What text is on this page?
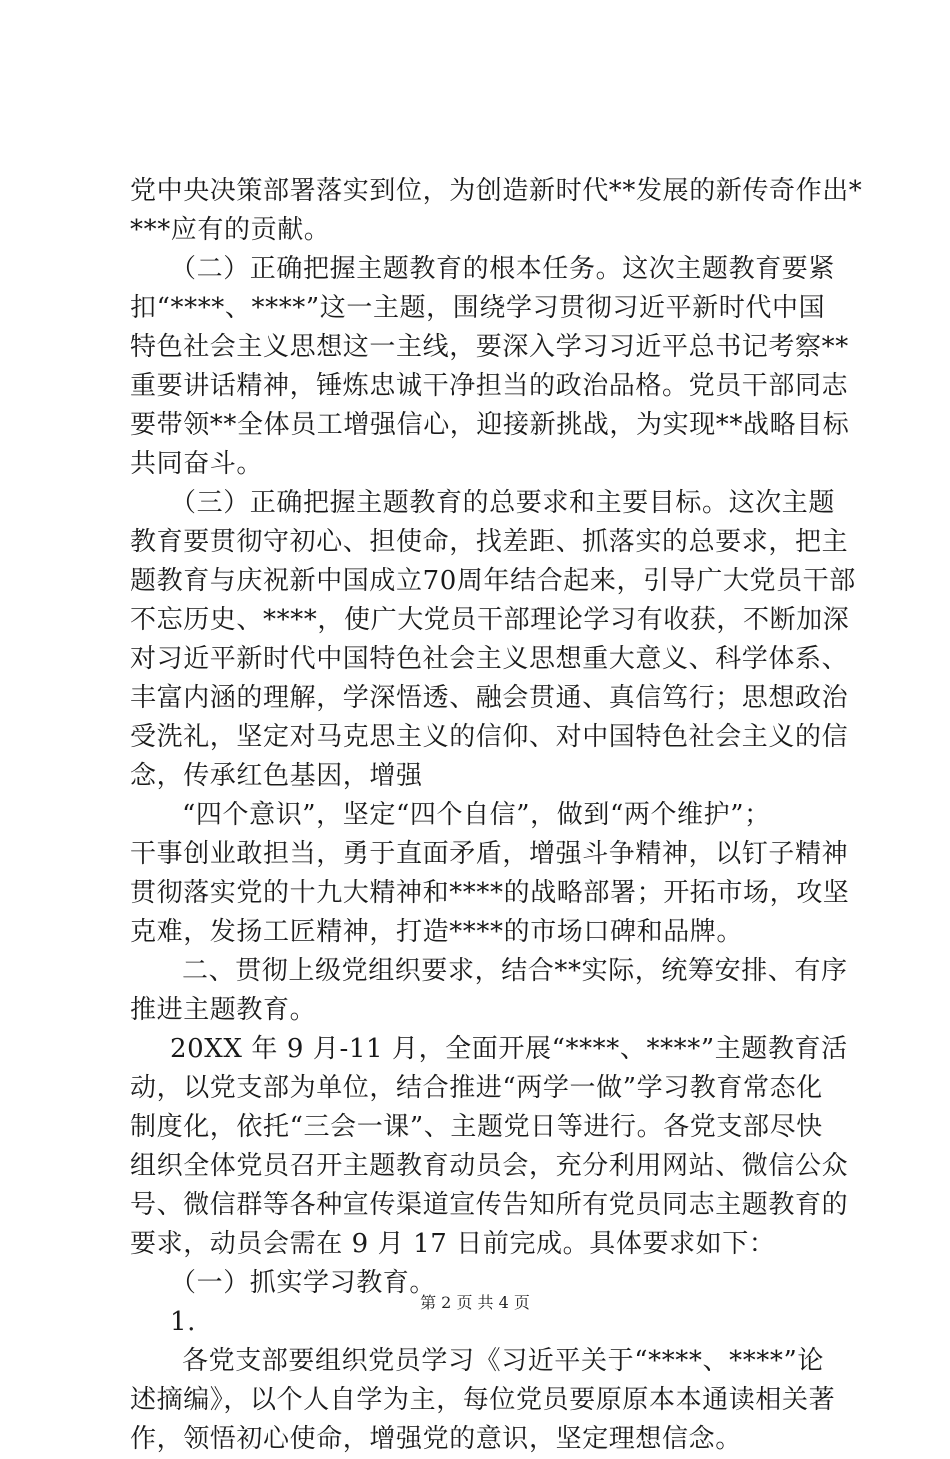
党中央决策部署落实到位，为创造新时代**发展的新传奇作出*
***应有的贡献。
（二）正确把握主题教育的根本任务。这次主题教育要紧
扣“****、****”这一主题，围绕学习贯彻习近平新时代中国
特色社会主义思想这一主线，要深入学习习近平总书记考察**
重要讲话精神，锤炼忠诚干净担当的政治品格。党员干部同志
要带领**全体员工增强信心，迎接新挑战，为实现**战略目标
共同奋斗。
（三）正确把握主题教育的总要求和主要目标。这次主题
教育要贯彻守初心、担使命，找差距、抓落实的总要求，把主
题教育与庆祝新中国成立70周年结合起来，引导广大党员干部
不忘历史、****，使广大党员干部理论学习有收获，不断加深
对习近平新时代中国特色社会主义思想重大意义、科学体系、
丰富内涵的理解，学深悟透、融会贯通、真信笃行；思想政治
受洗礼，坚定对马克思主义的信仰、对中国特色社会主义的信
念，传承红色基因，增强
“四个意识”，坚定“四个自信”，做到“两个维护”；
干事创业敢担当，勇于直面矛盾，增强斗争精神，以钉子精神
贯彻落实党的十九大精神和****的战略部署；开拓市场，攻坚
克难，发扬工匠精神，打造****的市场口碑和品牌。
二、贯彻上级党组织要求，结合**实际，统筹安排、有序
推进主题教育。
20XX 年 9 月-11 月，全面开展“****、****”主题教育活
动，以党支部为单位，结合推进“两学一做”学习教育常态化
制度化，依托“三会一课”、主题党日等进行。各党支部尽快
组织全体党员召开主题教育动员会，充分利用网站、微信公众
号、微信群等各种宣传渠道宣传告知所有党员同志主题教育的
要求，动员会需在 9 月 17 日前完成。具体要求如下：
（一）抓实学习教育。
1.
各党支部要组织党员学习《习近平关于“****、****”论
述摘编》，以个人自学为主，每位党员要原原本本通读相关著
作，领悟初心使命，增强党的意识，坚定理想信念。
第 2 页 共 4 页
